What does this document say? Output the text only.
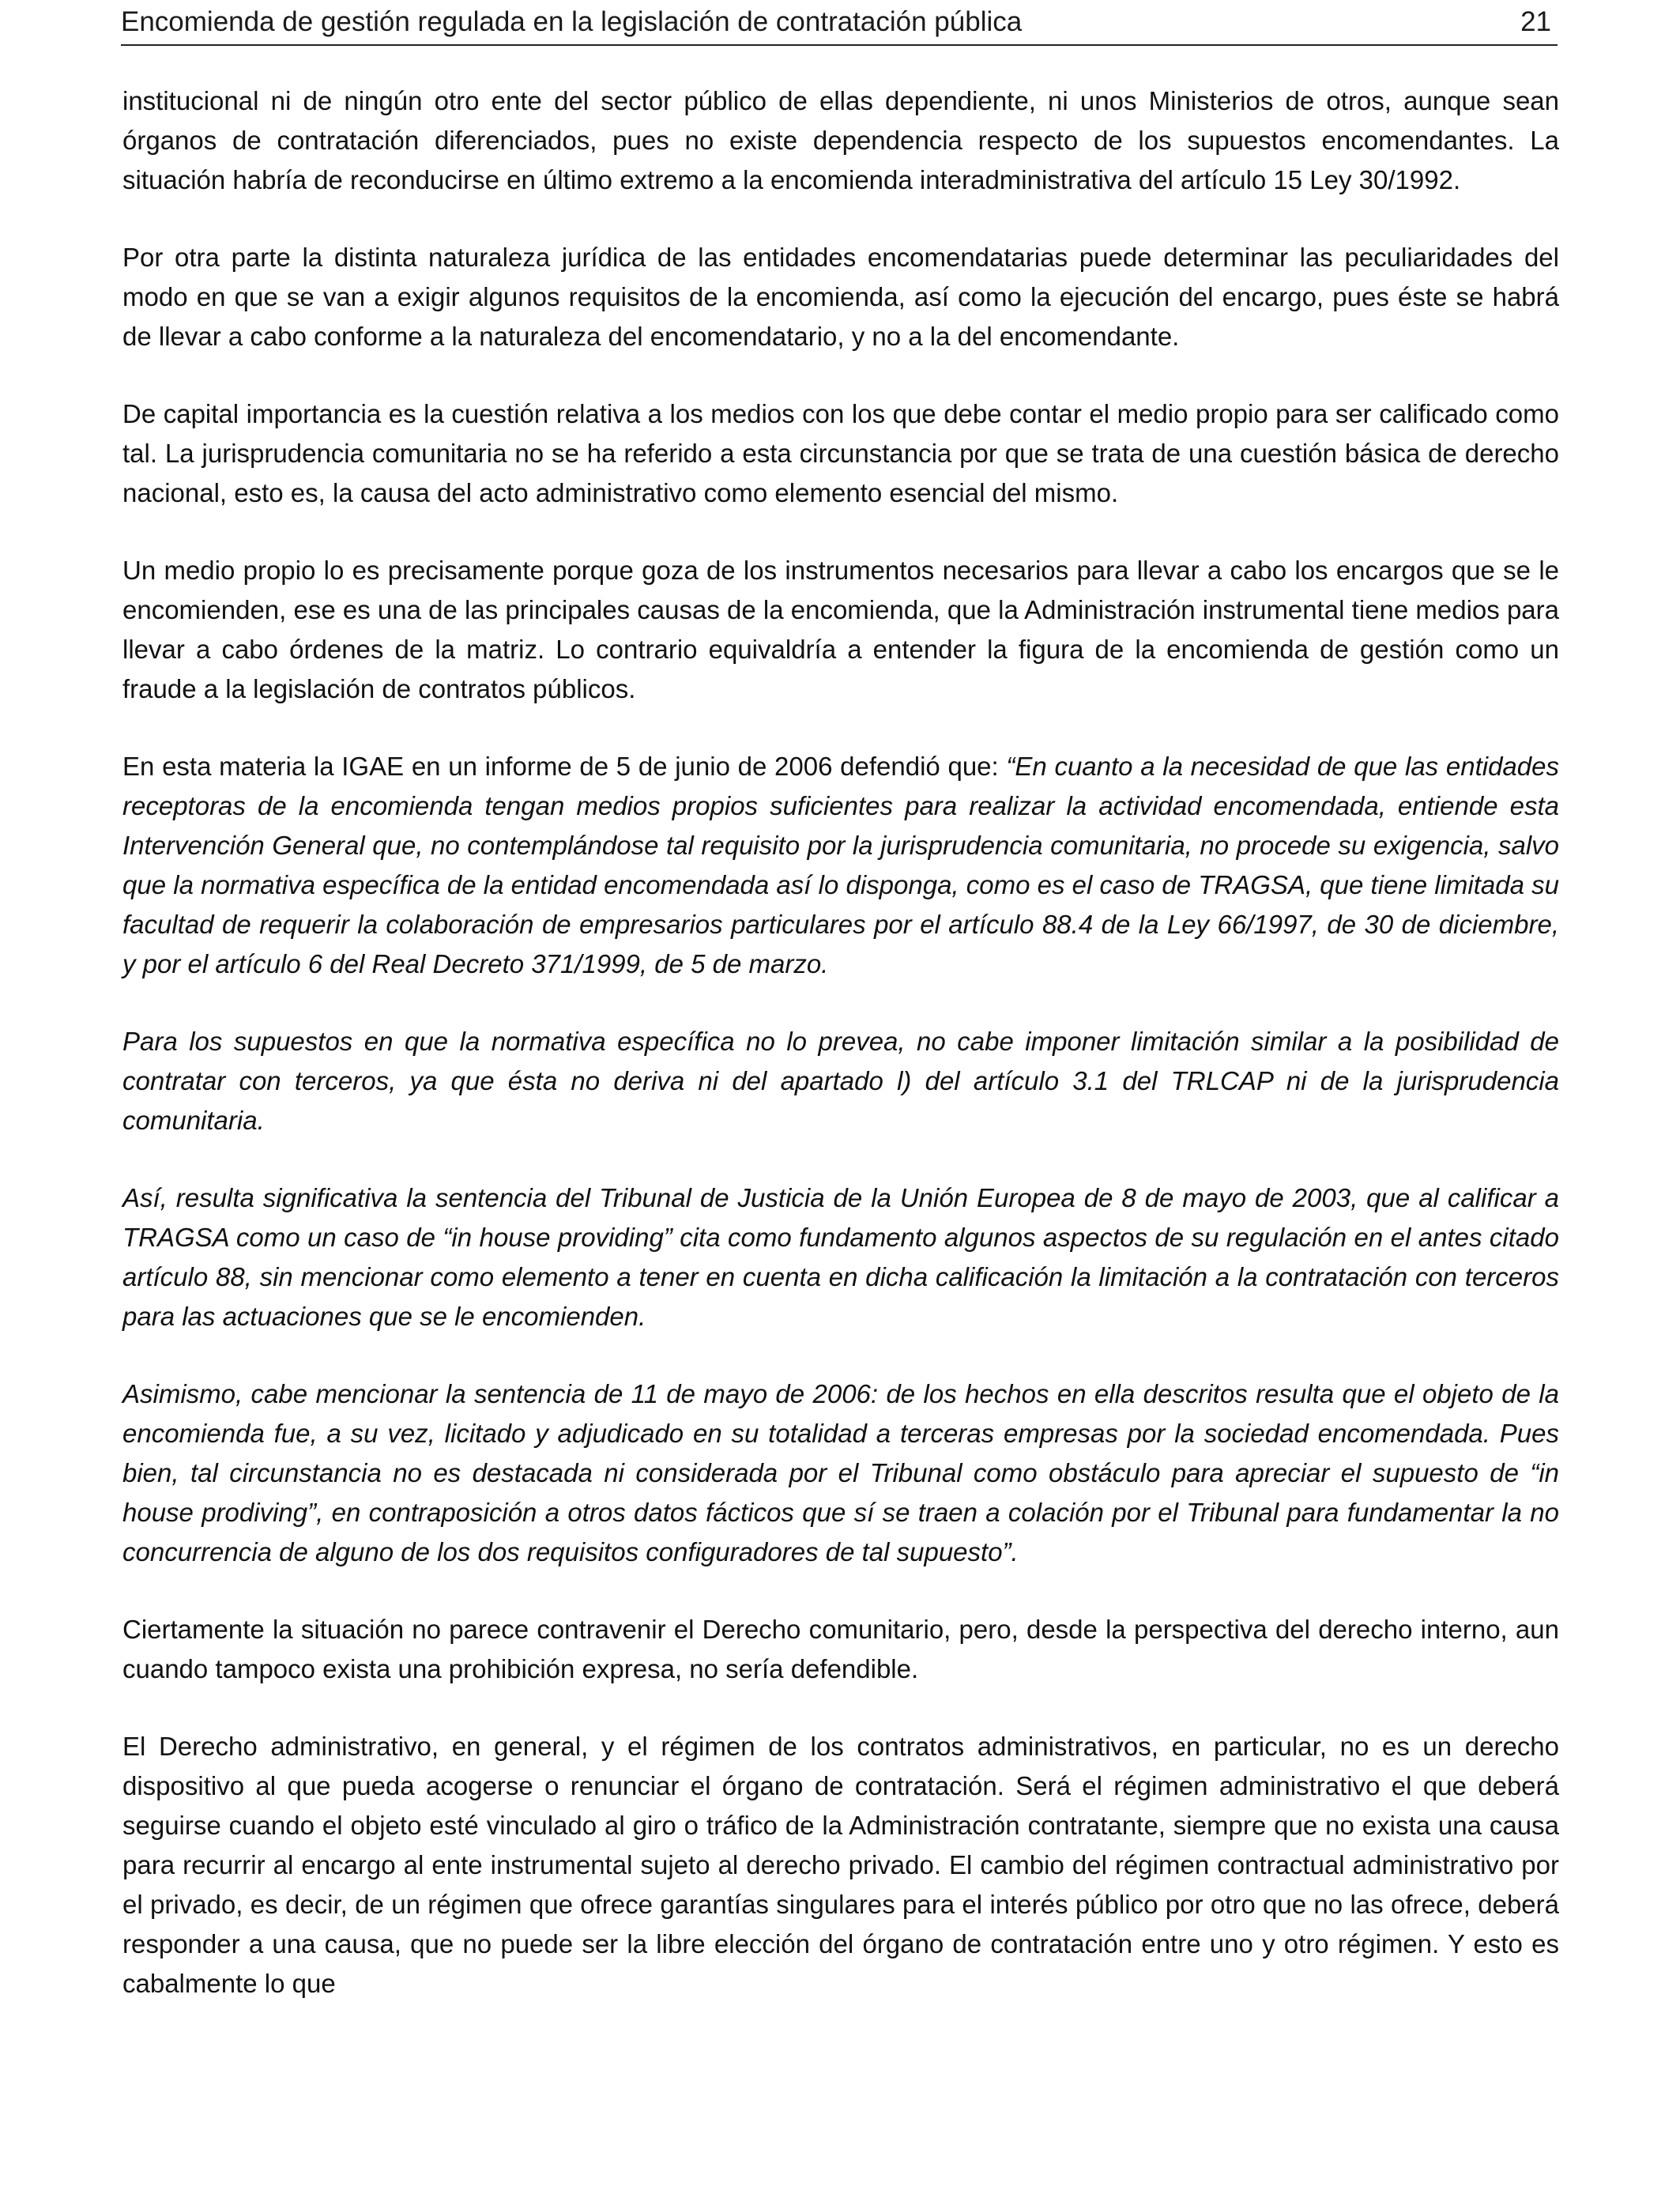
Encomienda de gestión regulada en la legislación de contratación pública	21

institucional ni de ningún otro ente del sector público de ellas dependiente, ni unos Ministerios de otros, aunque sean órganos de contratación diferenciados, pues no existe dependencia respecto de los supuestos encomendantes. La situación habría de reconducirse en último extremo a la encomienda interadministrativa del artículo 15 Ley 30/1992.

Por otra parte la distinta naturaleza jurídica de las entidades encomendatarias puede determinar las peculiaridades del modo en que se van a exigir algunos requisitos de la encomienda, así como la ejecución del encargo, pues éste se habrá de llevar a cabo conforme a la naturaleza del encomendatario, y no a la del encomendante.

De capital importancia es la cuestión relativa a los medios con los que debe contar el medio propio para ser calificado como tal. La jurisprudencia comunitaria no se ha referido a esta circunstancia por que se trata de una cuestión básica de derecho nacional, esto es, la causa del acto administrativo como elemento esencial del mismo.

Un medio propio lo es precisamente porque goza de los instrumentos necesarios para llevar a cabo los encargos que se le encomienden, ese es una de las principales causas de la encomienda, que la Administración instrumental tiene medios para llevar a cabo órdenes de la matriz. Lo contrario equivaldría a entender la figura de la encomienda de gestión como un fraude a la legislación de contratos públicos.

En esta materia la IGAE en un informe de 5 de junio de 2006 defendió que: “En cuanto a la necesidad de que las entidades receptoras de la encomienda tengan medios propios suficientes para realizar la actividad encomendada, entiende esta Intervención General que, no contemplándose tal requisito por la jurisprudencia comunitaria, no procede su exigencia, salvo que la normativa específica de la entidad encomendada así lo disponga, como es el caso de TRAGSA, que tiene limitada su facultad de requerir la colaboración de empresarios particulares por el artículo 88.4 de la Ley 66/1997, de 30 de diciembre, y por el artículo 6 del Real Decreto 371/1999, de 5 de marzo.

Para los supuestos en que la normativa específica no lo prevea, no cabe imponer limitación similar a la posibilidad de contratar con terceros, ya que ésta no deriva ni del apartado l) del artículo 3.1 del TRLCAP ni de la jurisprudencia comunitaria.

Así, resulta significativa la sentencia del Tribunal de Justicia de la Unión Europea de 8 de mayo de 2003, que al calificar a TRAGSA como un caso de “in house providing” cita como fundamento algunos aspectos de su regulación en el antes citado artículo 88, sin mencionar como elemento a tener en cuenta en dicha calificación la limitación a la contratación con terceros para las actuaciones que se le encomienden.

Asimismo, cabe mencionar la sentencia de 11 de mayo de 2006: de los hechos en ella descritos resulta que el objeto de la encomienda fue, a su vez, licitado y adjudicado en su totalidad a terceras empresas por la sociedad encomendada. Pues bien, tal circunstancia no es destacada ni considerada por el Tribunal como obstáculo para apreciar el supuesto de “in house prodiving”, en contraposición a otros datos fácticos que sí se traen a colación por el Tribunal para fundamentar la no concurrencia de alguno de los dos requisitos configuradores de tal supuesto”.

Ciertamente la situación no parece contravenir el Derecho comunitario, pero, desde la perspectiva del derecho interno, aun cuando tampoco exista una prohibición expresa, no sería defendible.

El Derecho administrativo, en general, y el régimen de los contratos administrativos, en particular, no es un derecho dispositivo al que pueda acogerse o renunciar el órgano de contratación. Será el régimen administrativo el que deberá seguirse cuando el objeto esté vinculado al giro o tráfico de la Administración contratante, siempre que no exista una causa para recurrir al encargo al ente instrumental sujeto al derecho privado. El cambio del régimen contractual administrativo por el privado, es decir, de un régimen que ofrece garantías singulares para el interés público por otro que no las ofrece, deberá responder a una causa, que no puede ser la libre elección del órgano de contratación entre uno y otro régimen. Y esto es cabalmente lo que
